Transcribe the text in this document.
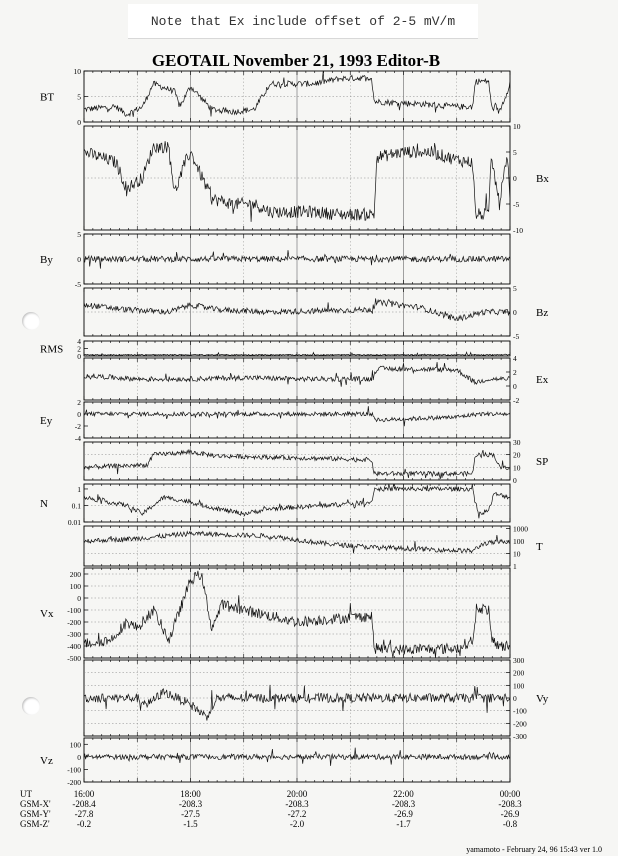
Note that Ex include offset of 2-5 mV/m
GEOTAIL November 21, 1993 Editor-B
0
5
10
BT
-10
-5
0
5
10
Bx
-5
0
5
By
-5
0
5
Bz
0
2
4
RMS
-2
0
2
4
Ex
-4
-2
0
2
Ey
0
10
20
30
SP
0.01
0.1
1
N
1
10
100
1000
T
-500
-400
-300
-200
-100
0
100
200
Vx
-300
-200
-100
0
100
200
300
Vy
-200
-100
0
100
Vz
UT	16:00	18:00	20:00	22:00	00:00
GSM-X' -208.4	-208.3	-208.3	-208.3	-208.3
GSM-Y'	-27.8	-27.5	-27.2	-26.9	-26.9
GSM-Z'	-0.2	-1.5	-2.0	-1.7	-0.8
yamamoto - February 24, 96 15:43 ver 1.0
